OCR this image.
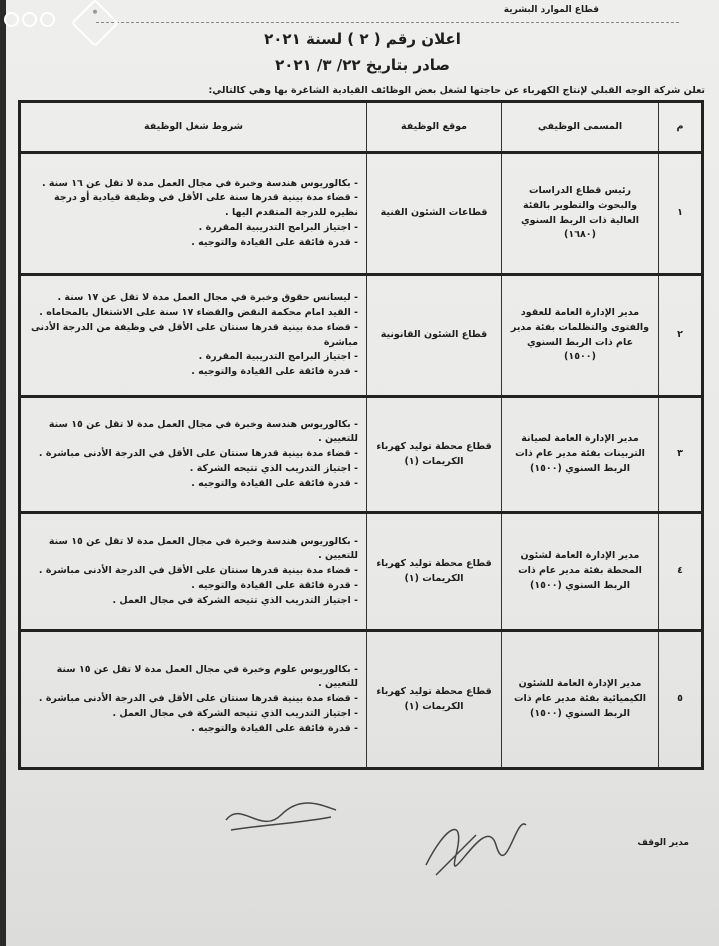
قطاع الموارد البشرية
اعلان رقم ( ٢ ) لسنة ٢٠٢١
صادر بتاريخ ٢٢/ ٣/ ٢٠٢١
تعلن شركة الوجه القبلي لإنتاج الكهرباء عن حاجتها لشغل بعض الوظائف القيادية الشاغرة بها وهي كالتالي:
م	المسمى الوظيفي	موقع الوظيفة	شروط شغل الوظيفة
١	رئيس قطاع الدراسات والبحوث والتطوير بالفئة العالية ذات الربط السنوي (١٦٨٠)	قطاعات الشئون الفنية	- بكالوريوس هندسة وخبرة في مجال العمل مدة لا تقل عن ١٦ سنة .
- قضاء مدة بينية قدرها سنة على الأقل في وظيفة قيادية أو درجة نظيره للدرجة المتقدم اليها .
- اجتياز البرامج التدريبية المقررة .
- قدرة فائقة على القيادة والتوجيه .

٢	مدير الإدارة العامة للعقود والفتوى والتظلمات بفئة مدير عام ذات الربط السنوي (١٥٠٠)	قطاع الشئون القانونية	- ليسانس حقوق وخبرة في مجال العمل مدة لا تقل عن ١٧ سنة .
- القيد امام محكمة النقض والقضاء ١٧ سنة على الاشتغال بالمحاماه .
- قضاء مدة بينية قدرها سنتان على الأقل في وظيفة من الدرجة الأدنى مباشرة
- اجتياز البرامج التدريبية المقررة .
- قدرة فائقة على القيادة والتوجيه .

٣	مدير الإدارة العامة لصيانة التربينات بفئة مدير عام ذات الربط السنوي (١٥٠٠)	قطاع محطة توليد كهرباء الكريمات (١)	- بكالوريوس هندسة وخبرة في مجال العمل مدة لا تقل عن ١٥ سنة للتعيين .
- قضاء مدة بينية قدرها سنتان على الأقل في الدرجة الأدنى مباشرة .
- اجتياز التدريب الذي تتيحه الشركة .
- قدرة فائقة على القيادة والتوجيه .

٤	مدير الإدارة العامة لشئون المحطة بفئة مدير عام ذات الربط السنوي (١٥٠٠)	قطاع محطة توليد كهرباء الكريمات (١)	- بكالوريوس هندسة وخبرة في مجال العمل مدة لا تقل عن ١٥ سنة للتعيين .
- قضاء مدة بينية قدرها سنتان على الأقل في الدرجة الأدنى مباشرة .
- قدرة فائقة على القيادة والتوجيه .
- اجتياز التدريب الذي تتيحه الشركة في مجال العمل .

٥	مدير الإدارة العامة للشئون الكيميائية بفئة مدير عام ذات الربط السنوي (١٥٠٠)	قطاع محطة توليد كهرباء الكريمات (١)	- بكالوريوس علوم وخبرة في مجال العمل مدة لا تقل عن ١٥ سنة للتعيين .
- قضاء مدة بينية قدرها سنتان على الأقل في الدرجة الأدنى مباشرة .
- اجتياز التدريب الذي تتيحه الشركة في مجال العمل .
- قدرة فائقة على القيادة والتوجيه .
مدير الوقف
